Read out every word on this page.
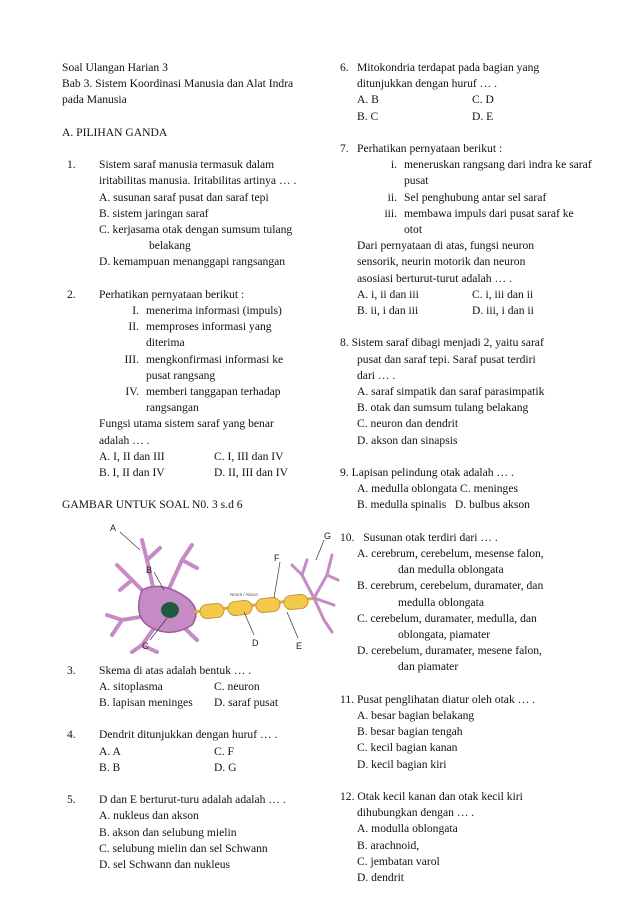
Soal Ulangan Harian 3
Bab 3. Sistem Koordinasi Manusia dan Alat Indra
pada Manusia
A. PILIHAN GANDA
1.	Sistem saraf manusia termasuk dalam
iritabilitas manusia. Iritabilitas artinya … .
A. susunan saraf pusat dan saraf tepi
B. sistem jaringan saraf
C. kerjasama otak dengan sumsum tulang
belakang
D. kemampuan menanggapi rangsangan
2.	Perhatikan pernyataan berikut :
I. menerima informasi (impuls)
II. memproses informasi yang diterima
III. mengkonfirmasi informasi ke pusat rangsang
IV. memberi tanggapan terhadap rangsangan
Fungsi utama sistem saraf yang benar
adalah … .
A. I, II dan III	C. I, III dan IV
B. I, II dan IV	D. II, III dan IV
GAMBAR UNTUK SOAL N0. 3 s.d 6
Neurit / Akson
A
B
C	D	E
F
G
3.	Skema di atas adalah bentuk … .
A. sitoplasma	C. neuron
B. lapisan meninges	D. saraf pusat
4.	Dendrit ditunjukkan dengan huruf … .
A. A	C. F
B. B	D. G
5.	D dan E berturut-turu adalah adalah … .
A. nukleus dan akson
B. akson dan selubung mielin
C. selubung mielin dan sel Schwann
D. sel Schwann dan nukleus
6. Mitokondria terdapat pada bagian yang
ditunjukkan dengan huruf … .
A. B	C. D
B. C	D. E
7. Perhatikan pernyataan berikut :
i. meneruskan rangsang dari indra ke saraf pusat
ii. Sel penghubung antar sel saraf
iii. membawa impuls dari pusat saraf ke otot
Dari pernyataan di atas, fungsi neuron
sensorik, neurin motorik dan neuron
asosiasi berturut-turut adalah … .
A. i, ii dan iii	C. i, iii dan ii
B. ii, i dan iii	D. iii, i dan ii
8. Sistem saraf dibagi menjadi 2, yaitu saraf
pusat dan saraf tepi. Saraf pusat terdiri
dari … .
A. saraf simpatik dan saraf parasimpatik
B. otak dan sumsum tulang belakang
C. neuron dan dendrit
D. akson dan sinapsis
9. Lapisan pelindung otak adalah … .
A. medulla oblongata C. meninges
B. medulla spinalis D. bulbus akson
10. Susunan otak terdiri dari … .
A. cerebrum, cerebelum, mesense falon,
dan medulla oblongata
B. cerebrum, cerebelum, duramater, dan
medulla oblongata
C. cerebelum, duramater, medulla, dan
oblongata, piamater
D. cerebelum, duramater, mesene falon,
dan piamater
11. Pusat penglihatan diatur oleh otak … .
A. besar bagian belakang
B. besar bagian tengah
C. kecil bagian kanan
D. kecil bagian kiri
12. Otak kecil kanan dan otak kecil kiri
dihubungkan dengan … .
A. modulla oblongata
B. arachnoid,
C. jembatan varol
D. dendrit
